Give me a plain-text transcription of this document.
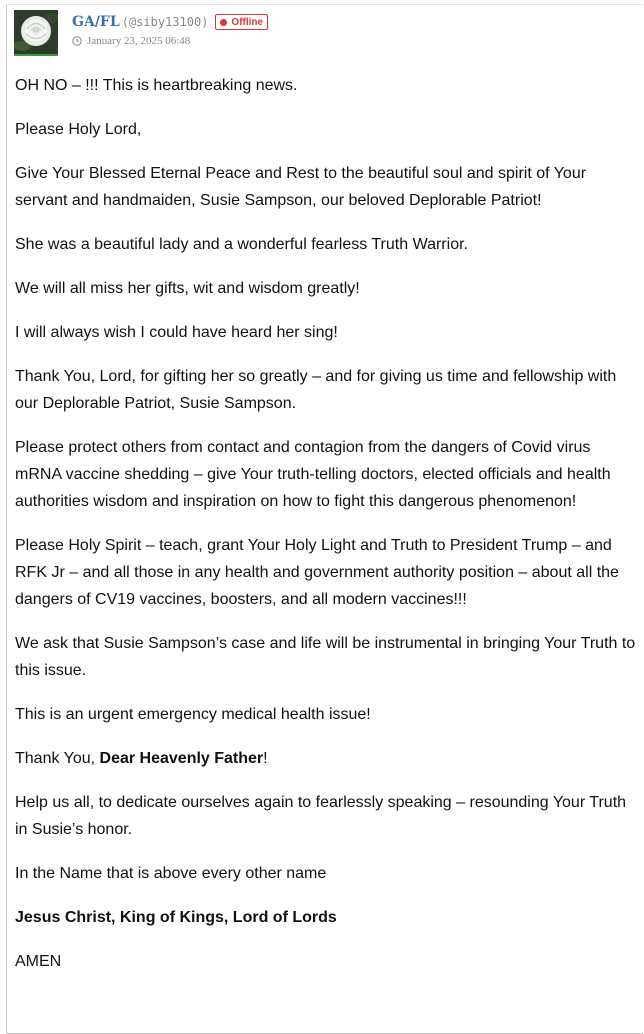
GA/FL (@siby13100) Offline
January 23, 2025 06:48

OH NO – !!! This is heartbreaking news.

Please Holy Lord,

Give Your Blessed Eternal Peace and Rest to the beautiful soul and spirit of Your servant and handmaiden, Susie Sampson, our beloved Deplorable Patriot!

She was a beautiful lady and a wonderful fearless Truth Warrior.

We will all miss her gifts, wit and wisdom greatly!

I will always wish I could have heard her sing!

Thank You, Lord, for gifting her so greatly – and for giving us time and fellowship with our Deplorable Patriot, Susie Sampson.

Please protect others from contact and contagion from the dangers of Covid virus mRNA vaccine shedding – give Your truth-telling doctors, elected officials and health authorities wisdom and inspiration on how to fight this dangerous phenomenon!

Please Holy Spirit – teach, grant Your Holy Light and Truth to President Trump – and RFK Jr – and all those in any health and government authority position – about all the dangers of CV19 vaccines, boosters, and all modern vaccines!!!

We ask that Susie Sampson’s case and life will be instrumental in bringing Your Truth to this issue.

This is an urgent emergency medical health issue!

Thank You, Dear Heavenly Father!

Help us all, to dedicate ourselves again to fearlessly speaking – resounding Your Truth in Susie’s honor.

In the Name that is above every other name

Jesus Christ, King of Kings, Lord of Lords

AMEN
